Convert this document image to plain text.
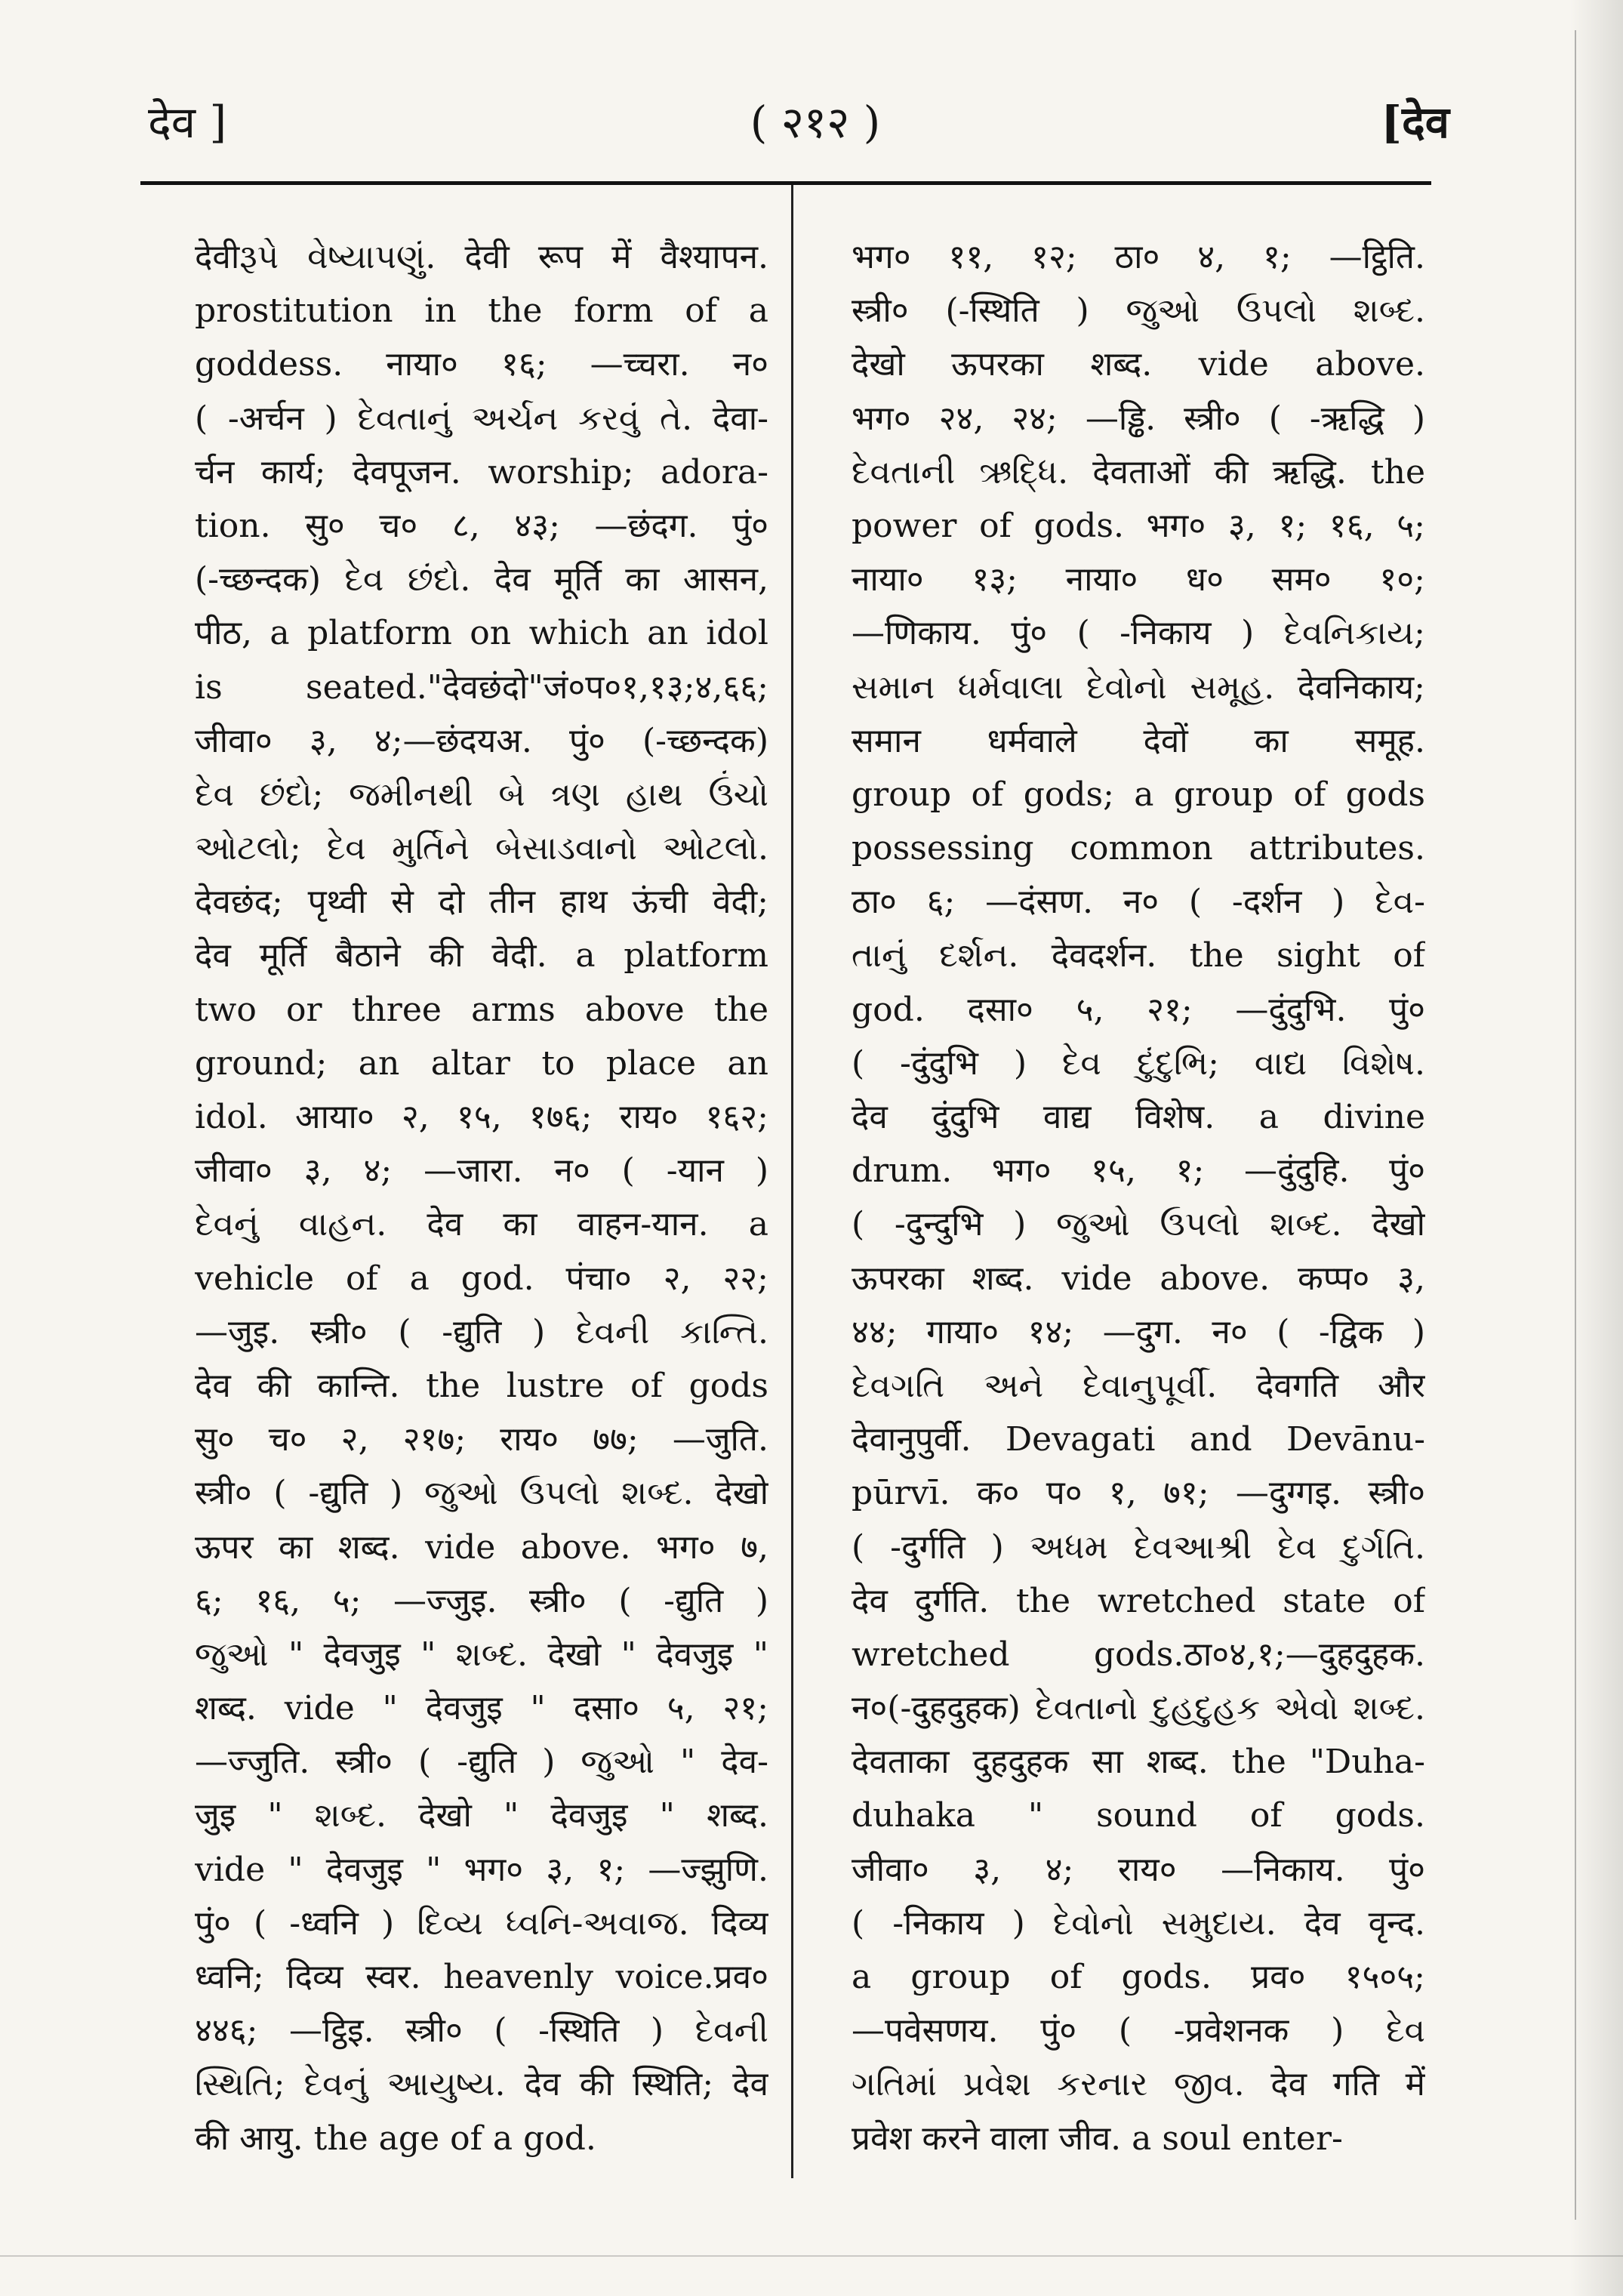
देव ]	( २१२ )	[देव
देवीરૂપે વેષ્યાપણું. देवी रूप में वैश्यापन.
prostitution in the form of a
goddess. नाया० १६; —च्चरा. न०
( -अर्चन ) દેવતાનું અર્ચન કરવું તે. देवा-
र्चन कार्य; देवपूजन. worship; adora-
tion. सु० च० ८, ४३; —छंदग. पुं०
(-च्छन्दक) દેવ છંદો. देव मूर्ति का आसन,
पीठ, a platform on which an idol
is seated."देवछंदो"जं०प०१,१३;४,६६;
जीवा० ३, ४;—छंदयअ. पुं० (-च्छन्दक)
દેવ છંદો; જમીનથી બે ત્રણ હાથ ઉંચો
ઓટલો; દેવ મુર્તિને બેસાડવાનો ઓટલો.
देवछंद; पृथ्वी से दो तीन हाथ ऊंची वेदी;
देव मूर्ति बैठाने की वेदी. a platform
two or three arms above the
ground; an altar to place an
idol. आया० २, १५, १७६; राय० १६२;
जीवा० ३, ४; —जारा. न० ( -यान )
દેવનું વાહન. देव का वाहन-यान. a
vehicle of a god. पंचा० २, २२;
—जुइ. स्त्री० ( -द्युति ) દેવની કાન્તિ.
देव की कान्ति. the lustre of gods
सु० च० २, २१७; राय० ७७; —जुति.
स्त्री० ( -द्युति ) જુઓ ઉપલો શબ્દ. देखो
ऊपर का शब्द. vide above. भग० ७,
६; १६, ५; —ज्जुइ. स्त्री० ( -द्युति )
જુઓ " देवजुइ " શબ્દ. देखो " देवजुइ "
शब्द. vide " देवजुइ " दसा० ५, २१;
—ज्जुति. स्त्री० ( -द्युति ) જુઓ " देव-
जुइ " શબ્દ. देखो " देवजुइ " शब्द.
vide " देवजुइ " भग० ३, १; —ज्झुणि.
पुं० ( -ध्वनि ) દિવ્ય ધ્વનિ-અવાજ. दिव्य
ध्वनि; दिव्य स्वर. heavenly voice.प्रव०
४४६; —ट्ठिइ. स्त्री० ( -स्थिति ) દેવની
સ્થિતિ; દેવનું આયુષ્ય. देव की स्थिति; देव
की आयु. the age of a god.
भग० ११, १२; ठा० ४, १; —ट्ठिति.
स्त्री० (-स्थिति ) જુઓ ઉપલો શબ્દ.
देखो ऊपरका शब्द. vide above.
भग० २४, २४; —ड्ढि. स्त्री० ( -ऋद्धि )
દેવતાની ઋદ્ધિ. देवताओं की ऋद्धि. the
power of gods. भग० ३, १; १६, ५;
नाया० १३; नाया० ध० सम० १०;
—णिकाय. पुं० ( -निकाय ) દેવનિકાય;
સમાન ધર્મવાલા દેવોનો સમૂહ. देवनिकाय;
समान धर्मवाले देवों का समूह.
group of gods; a group of gods
possessing common attributes.
ठा० ६; —दंसण. न० ( -दर्शन ) દેવ-
તાનું દર્શન. देवदर्शन. the sight of
god. दसा० ५, २१; —दुंदुभि. पुं०
( -दुंदुभि ) દેવ દુંદુભિ; વાદ્ય વિશેષ.
देव दुंदुभि वाद्य विशेष. a divine
drum. भग० १५, १; —दुंदुहि. पुं०
( -दुन्दुभि ) જુઓ ઉપલો શબ્દ. देखो
ऊपरका शब्द. vide above. कप्प० ३,
४४; गाया० १४; —दुग. न० ( -द्विक )
દેવગતિ અને દેવાનુપૂર્વી. देवगति और
देवानुपुर्वी. Devagati and Devānu-
pūrvī. क० प० १, ७१; —दुग्गइ. स्त्री०
( -दुर्गति ) અધમ દેવઆશ્રી દેવ દુર્ગતિ.
देव दुर्गति. the wretched state of
wretched gods.ठा०४,१;—दुहदुहक.
न०(-दुहदुहक) દેવતાનો દુહદુહક એવો શબ્દ.
देवताका दुहदुहक सा शब्द. the "Duha-
duhaka " sound of gods.
जीवा० ३, ४; राय० —निकाय. पुं०
( -निकाय ) દેવોનો સમુદાય. देव वृन्द.
a group of gods. प्रव० १५०५;
—पवेसणय. पुं० ( -प्रवेशनक ) દેવ
ગતિમાં પ્રવેશ કરનાર જીવ. देव गति में
प्रवेश करने वाला जीव. a soul enter-
